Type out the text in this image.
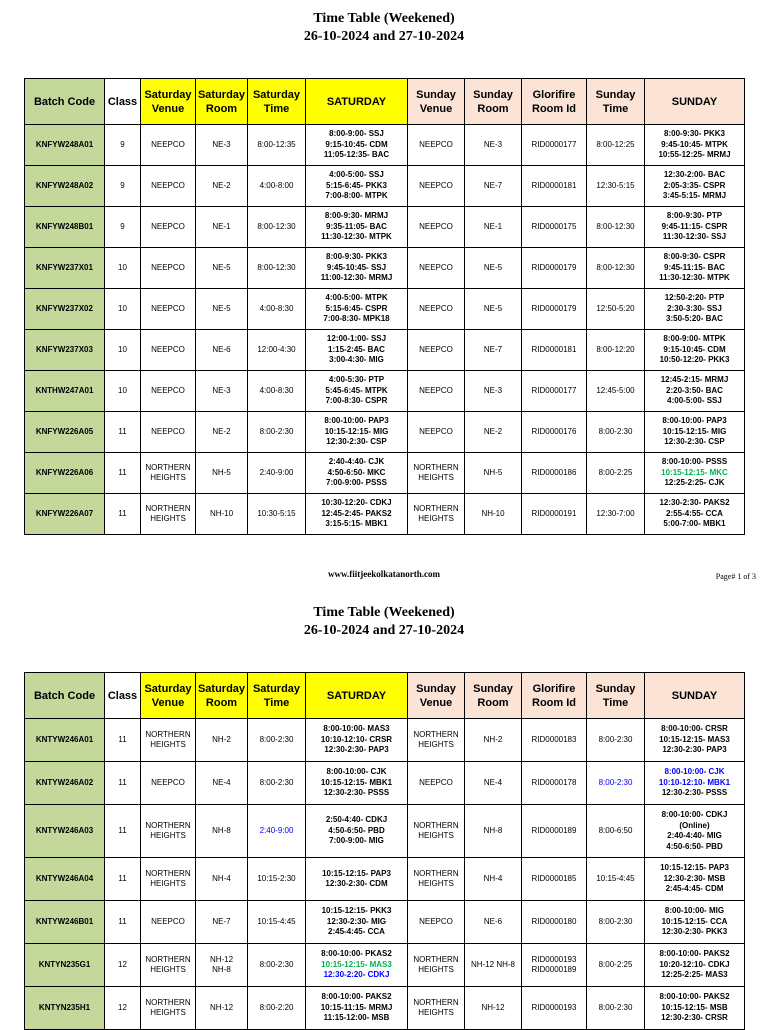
Time Table (Weekened)
26-10-2024 and 27-10-2024
Batch Code	Class	Saturday Venue	Saturday Room	Saturday Time	SATURDAY	Sunday Venue	Sunday Room	Glorifire Room Id	Sunday Time	SUNDAY
KNFYW248A01	9	NEEPCO	NE-3	8:00-12:35	8:00-9:00- SSJ
9:15-10:45- CDM
11:05-12:35- BAC	NEEPCO	NE-3	RID0000177	8:00-12:25	8:00-9:30- PKK3
9:45-10:45- MTPK
10:55-12:25- MRMJ

KNFYW248A02	9	NEEPCO	NE-2	4:00-8:00	4:00-5:00- SSJ
5:15-6:45- PKK3
7:00-8:00- MTPK	NEEPCO	NE-7	RID0000181	12:30-5:15	12:30-2:00- BAC
2:05-3:35- CSPR
3:45-5:15- MRMJ

KNFYW248B01	9	NEEPCO	NE-1	8:00-12:30	8:00-9:30- MRMJ
9:35-11:05- BAC
11:30-12:30- MTPK	NEEPCO	NE-1	RID0000175	8:00-12:30	8:00-9:30- PTP
9:45-11:15- CSPR
11:30-12:30- SSJ

KNFYW237X01	10	NEEPCO	NE-5	8:00-12:30	8:00-9:30- PKK3
9:45-10:45- SSJ
11:00-12:30- MRMJ	NEEPCO	NE-5	RID0000179	8:00-12:30	8:00-9:30- CSPR
9:45-11:15- BAC
11:30-12:30- MTPK

KNFYW237X02	10	NEEPCO	NE-5	4:00-8:30	4:00-5:00- MTPK
5:15-6:45- CSPR
7:00-8:30- MPK18	NEEPCO	NE-5	RID0000179	12:50-5:20	12:50-2:20- PTP
2:30-3:30- SSJ
3:50-5:20- BAC

KNFYW237X03	10	NEEPCO	NE-6	12:00-4:30	12:00-1:00- SSJ
1:15-2:45- BAC
3:00-4:30- MIG	NEEPCO	NE-7	RID0000181	8:00-12:20	8:00-9:00- MTPK
9:15-10:45- CDM
10:50-12:20- PKK3

KNTHW247A01	10	NEEPCO	NE-3	4:00-8:30	4:00-5:30- PTP
5:45-6:45- MTPK
7:00-8:30- CSPR	NEEPCO	NE-3	RID0000177	12:45-5:00	12:45-2:15- MRMJ
2:20-3:50- BAC
4:00-5:00- SSJ

KNFYW226A05	11	NEEPCO	NE-2	8:00-2:30	8:00-10:00- PAP3
10:15-12:15- MIG
12:30-2:30- CSP	NEEPCO	NE-2	RID0000176	8:00-2:30	8:00-10:00- PAP3
10:15-12:15- MIG
12:30-2:30- CSP

KNFYW226A06	11	NORTHERN HEIGHTS	NH-5	2:40-9:00	2:40-4:40- CJK
4:50-6:50- MKC
7:00-9:00- PSSS	NORTHERN HEIGHTS	NH-5	RID0000186	8:00-2:25	8:00-10:00- PSSS
10:15-12:15- MKC
12:25-2:25- CJK

KNFYW226A07	11	NORTHERN HEIGHTS	NH-10	10:30-5:15	10:30-12:20- CDKJ
12:45-2:45- PAKS2
3:15-5:15- MBK1	NORTHERN HEIGHTS	NH-10	RID0000191	12:30-7:00	12:30-2:30- PAKS2
2:55-4:55- CCA
5:00-7:00- MBK1
www.fiitjeekolkatanorth.com	Page# 1 of 3
Time Table (Weekened)
26-10-2024 and 27-10-2024
Batch Code	Class	Saturday Venue	Saturday Room	Saturday Time	SATURDAY	Sunday Venue	Sunday Room	Glorifire Room Id	Sunday Time	SUNDAY
KNTYW246A01	11	NORTHERN HEIGHTS	NH-2	8:00-2:30	8:00-10:00- MAS3
10:10-12:10- CRSR
12:30-2:30- PAP3	NORTHERN HEIGHTS	NH-2	RID0000183	8:00-2:30	8:00-10:00- CRSR
10:15-12:15- MAS3
12:30-2:30- PAP3

KNTYW246A02	11	NEEPCO	NE-4	8:00-2:30	8:00-10:00- CJK
10:15-12:15- MBK1
12:30-2:30- PSSS	NEEPCO	NE-4	RID0000178	8:00-2:30	8:00-10:00- CJK
10:10-12:10- MBK1
12:30-2:30- PSSS

KNTYW246A03	11	NORTHERN HEIGHTS	NH-8	2:40-9:00	2:50-4:40- CDKJ
4:50-6:50- PBD
7:00-9:00- MIG	NORTHERN HEIGHTS	NH-8	RID0000189	8:00-6:50	8:00-10:00- CDKJ
(Online)
2:40-4:40- MIG
4:50-6:50- PBD

KNTYW246A04	11	NORTHERN HEIGHTS	NH-4	10:15-2:30	10:15-12:15- PAP3
12:30-2:30- CDM	NORTHERN HEIGHTS	NH-4	RID0000185	10:15-4:45	10:15-12:15- PAP3
12:30-2:30- MSB
2:45-4:45- CDM

KNTYW246B01	11	NEEPCO	NE-7	10:15-4:45	10:15-12:15- PKK3
12:30-2:30- MIG
2:45-4:45- CCA	NEEPCO	NE-6	RID0000180	8:00-2:30	8:00-10:00- MIG
10:15-12:15- CCA
12:30-2:30- PKK3

KNTYN235G1	12	NORTHERN HEIGHTS	NH-12 NH-8	8:00-2:30	8:00-10:00- PKAS2
10:15-12:15- MAS3
12:30-2:20- CDKJ	NORTHERN HEIGHTS	NH-12 NH-8	RID0000193 RID0000189	8:00-2:25	8:00-10:00- PAKS2
10:20-12:10- CDKJ
12:25-2:25- MAS3

KNTYN235H1	12	NORTHERN HEIGHTS	NH-12	8:00-2:20	8:00-10:00- PAKS2
10:15-11:15- MRMJ
11:15-12:00- MSB	NORTHERN HEIGHTS	NH-12	RID0000193	8:00-2:30	8:00-10:00- PAKS2
10:15-12:15- MSB
12:30-2:30- CRSR
